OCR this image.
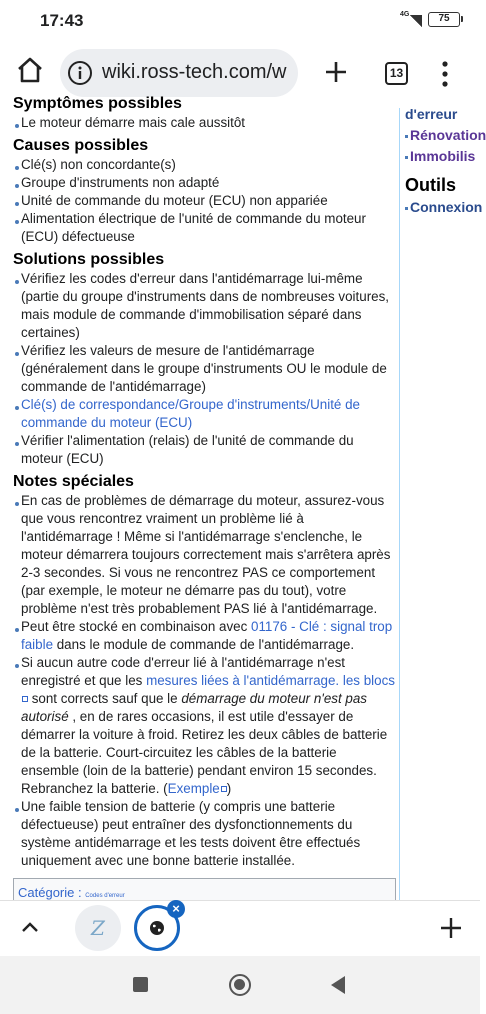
17:43	4G	75
wiki.ross-tech.com/w	13
Symptômes possibles
Le moteur démarre mais cale aussitôt
Causes possibles
Clé(s) non concordante(s)
Groupe d'instruments non adapté
Unité de commande du moteur (ECU) non appariée
Alimentation électrique de l'unité de commande du moteur (ECU) défectueuse
Solutions possibles
Vérifiez les codes d'erreur dans l'antidémarrage lui-même (partie du groupe d'instruments dans de nombreuses voitures, mais module de commande d'immobilisation séparé dans certaines)
Vérifiez les valeurs de mesure de l'antidémarrage (généralement dans le groupe d'instruments OU le module de commande de l'antidémarrage)
Clé(s) de correspondance/Groupe d'instruments/Unité de commande du moteur (ECU)
Vérifier l'alimentation (relais) de l'unité de commande du moteur (ECU)
Notes spéciales
En cas de problèmes de démarrage du moteur, assurez-vous que vous rencontrez vraiment un problème lié à l'antidémarrage ! Même si l'antidémarrage s'enclenche, le moteur démarrera toujours correctement mais s'arrêtera après 2-3 secondes. Si vous ne rencontrez PAS ce comportement (par exemple, le moteur ne démarre pas du tout), votre problème n'est très probablement PAS lié à l'antidémarrage.
Peut être stocké en combinaison avec 01176 - Clé : signal trop faible dans le module de commande de l'antidémarrage.
Si aucun autre code d'erreur lié à l'antidémarrage n'est enregistré et que les mesures liées à l'antidémarrage. les blocs sont corrects sauf que le démarrage du moteur n'est pas autorisé , en de rares occasions, il est utile d'essayer de démarrer la voiture à froid. Retirez les deux câbles de batterie de la batterie. Court-circuitez les câbles de la batterie ensemble (loin de la batterie) pendant environ 15 secondes. Rebranchez la batterie. (Exemple )
Une faible tension de batterie (y compris une batterie défectueuse) peut entraîner des dysfonctionnements du système antidémarrage et les tests doivent être effectués uniquement avec une bonne batterie installée.
Catégorie : Codes d'erreur
d'erreur
Rénovation
Immobilis
Outils
Connexion
Z
×
